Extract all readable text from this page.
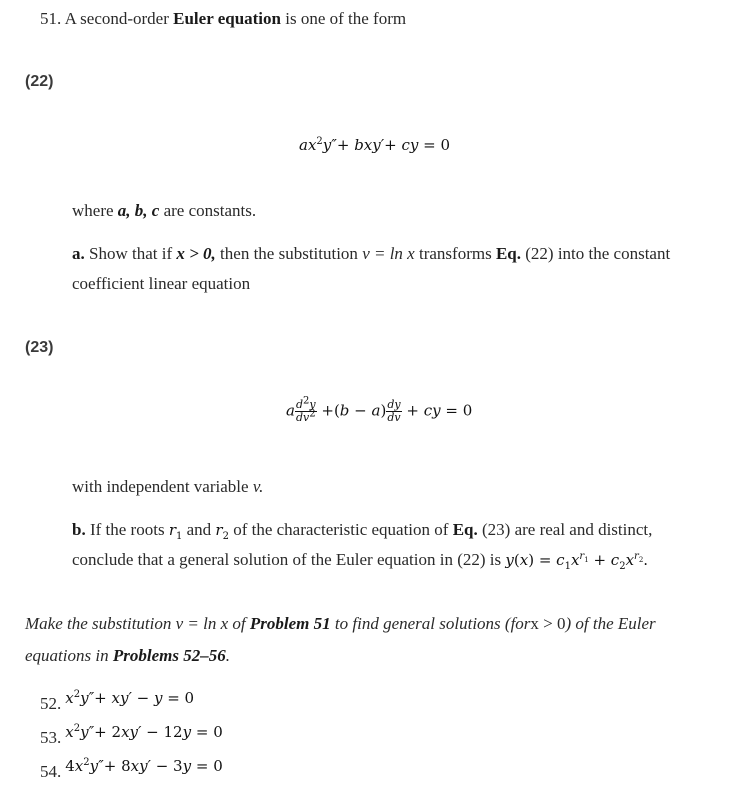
51. A second-order Euler equation is one of the form
(22)
$ax^2y''+ bxy'+$ cy = 0
where a, b, c are constants.
a. Show that if x > 0, then the substitution v = ln x transforms Eq. (22) into the constant
coefficient linear equation
(23)
a $\frac{d^2y}{dv^2} +(b - a) \frac{dy}{dv}$ + cy = 0
with independent variable v.
b. If the roots $r_1$ and $r_2$ of the characteristic equation of Eq. (23) are real and distinct,
conclude that a general solution of the Euler equation in (22) is $y(x) = c_1x^{r_1} + c_2x^{r_2}$.
Make the substitution v = ln x of Problem 51 to find general solutions (forx > 0) of the Euler
equations in Problems 52–56.
52. $x^2y''+ xy' - y = 0$
53. $x^2y''+ 2xy' - 12y = 0$
54. $4x^2y''+ 8xy' - 3y = 0$
